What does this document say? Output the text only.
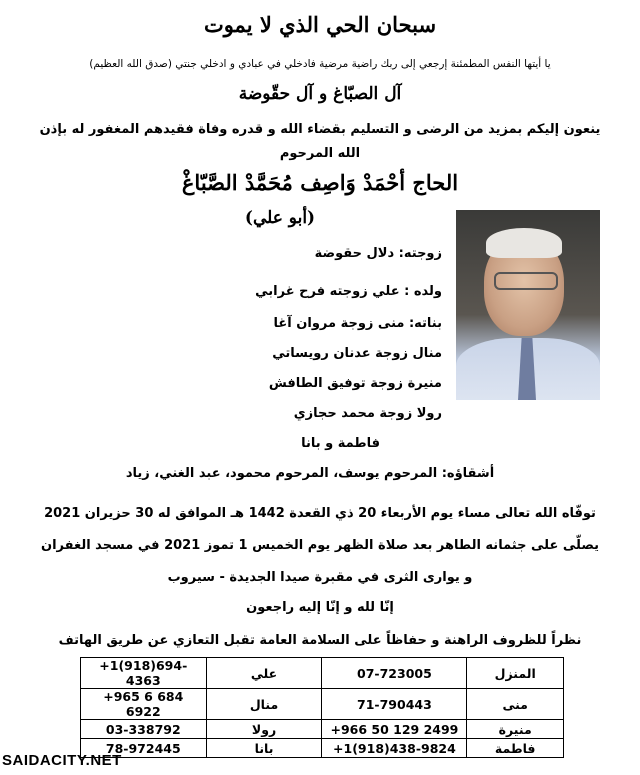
سبحان الحي الذي لا يموت
يا أيتها النفس المطمئنة إرجعي إلى ربك راضية مرضية فادخلي في عبادي و ادخلي جنتي (صدق الله العظيم)
آل الصبّاغ و آل حقّوضة
ينعون إليكم بمزيد من الرضى و التسليم بقضاء الله و قدره وفاة فقيدهم المغفور له بإذن الله المرحوم
الحاج أحْمَدْ وَاصِف مُحَمَّدْ الصَّبّاغْ
(أبو علي)
زوجته: دلال حقوضة
ولده : علي زوجته فرح غرابي
بناته: منى زوجة مروان آغا
منال زوجة عدنان رويساتي
منيرة زوجة توفيق الطافش
رولا زوجة محمد حجازي
فاطمة و بانا
أشقاؤه: المرحوم يوسف، المرحوم محمود، عبد الغني، زياد
توفّاه الله تعالى مساء يوم الأربعاء 20 ذي القعدة 1442 هـ الموافق له 30 حزيران 2021
يصلّى على جثمانه الطاهر بعد صلاة الظهر يوم الخميس 1 تموز 2021 في مسجد الغفران
و يوارى الثرى في مقبرة صيدا الجديدة - سيروب
إنّا لله و إنّا إليه راجعون
نظراً للظروف الراهنة و حفاظاً على السلامة العامة تقبل التعازي عن طريق الهاتف
+1(918)694-4363	علي	07-723005	المنزل
+965 6 684 6922	منال	71-790443	منى
03-338792	رولا	+966 50 129 2499	منيرة
78-972445	بانا	+1(918)438-9824	فاطمة
SAIDACITY.NET
